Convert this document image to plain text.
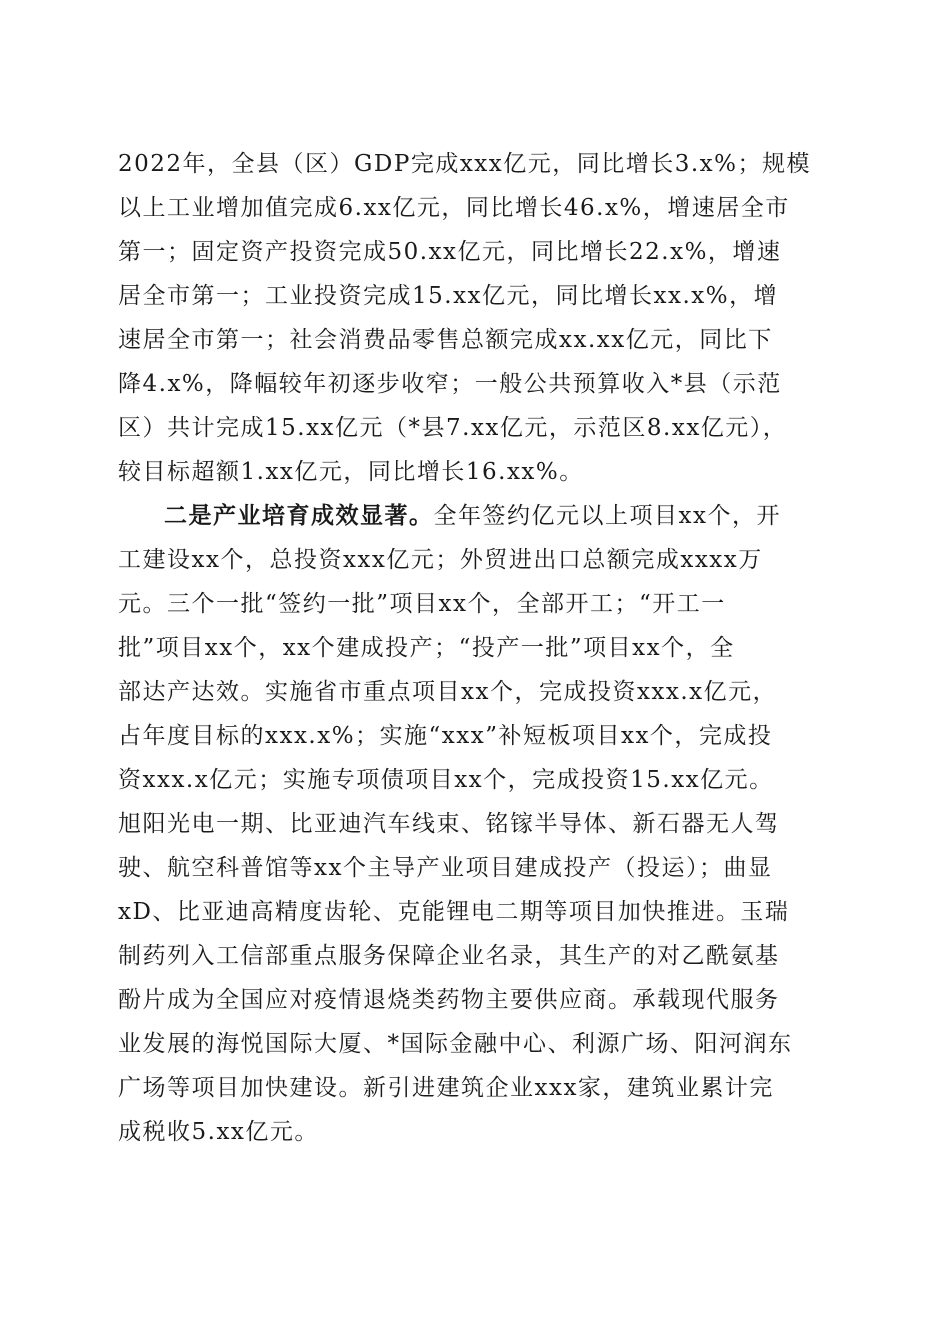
2022年，全县（区）GDP完成xxx亿元，同比增长3.x%；规模
以上工业增加值完成6.xx亿元，同比增长46.x%，增速居全市
第一；固定资产投资完成50.xx亿元，同比增长22.x%，增速
居全市第一；工业投资完成15.xx亿元，同比增长xx.x%，增
速居全市第一；社会消费品零售总额完成xx.xx亿元，同比下
降4.x%，降幅较年初逐步收窄；一般公共预算收入*县（示范
区）共计完成15.xx亿元（*县7.xx亿元，示范区8.xx亿元），
较目标超额1.xx亿元，同比增长16.xx%。
二是产业培育成效显著。全年签约亿元以上项目xx个，开
工建设xx个，总投资xxx亿元；外贸进出口总额完成xxxx万
元。三个一批“签约一批”项目xx个，全部开工；“开工一
批”项目xx个，xx个建成投产；“投产一批”项目xx个，全
部达产达效。实施省市重点项目xx个，完成投资xxx.x亿元，
占年度目标的xxx.x%；实施“xxx”补短板项目xx个，完成投
资xxx.x亿元；实施专项债项目xx个，完成投资15.xx亿元。
旭阳光电一期、比亚迪汽车线束、铭镓半导体、新石器无人驾
驶、航空科普馆等xx个主导产业项目建成投产（投运）；曲显
xD、比亚迪高精度齿轮、克能锂电二期等项目加快推进。玉瑞
制药列入工信部重点服务保障企业名录，其生产的对乙酰氨基
酚片成为全国应对疫情退烧类药物主要供应商。承载现代服务
业发展的海悦国际大厦、*国际金融中心、利源广场、阳河润东
广场等项目加快建设。新引进建筑企业xxx家，建筑业累计完
成税收5.xx亿元。
